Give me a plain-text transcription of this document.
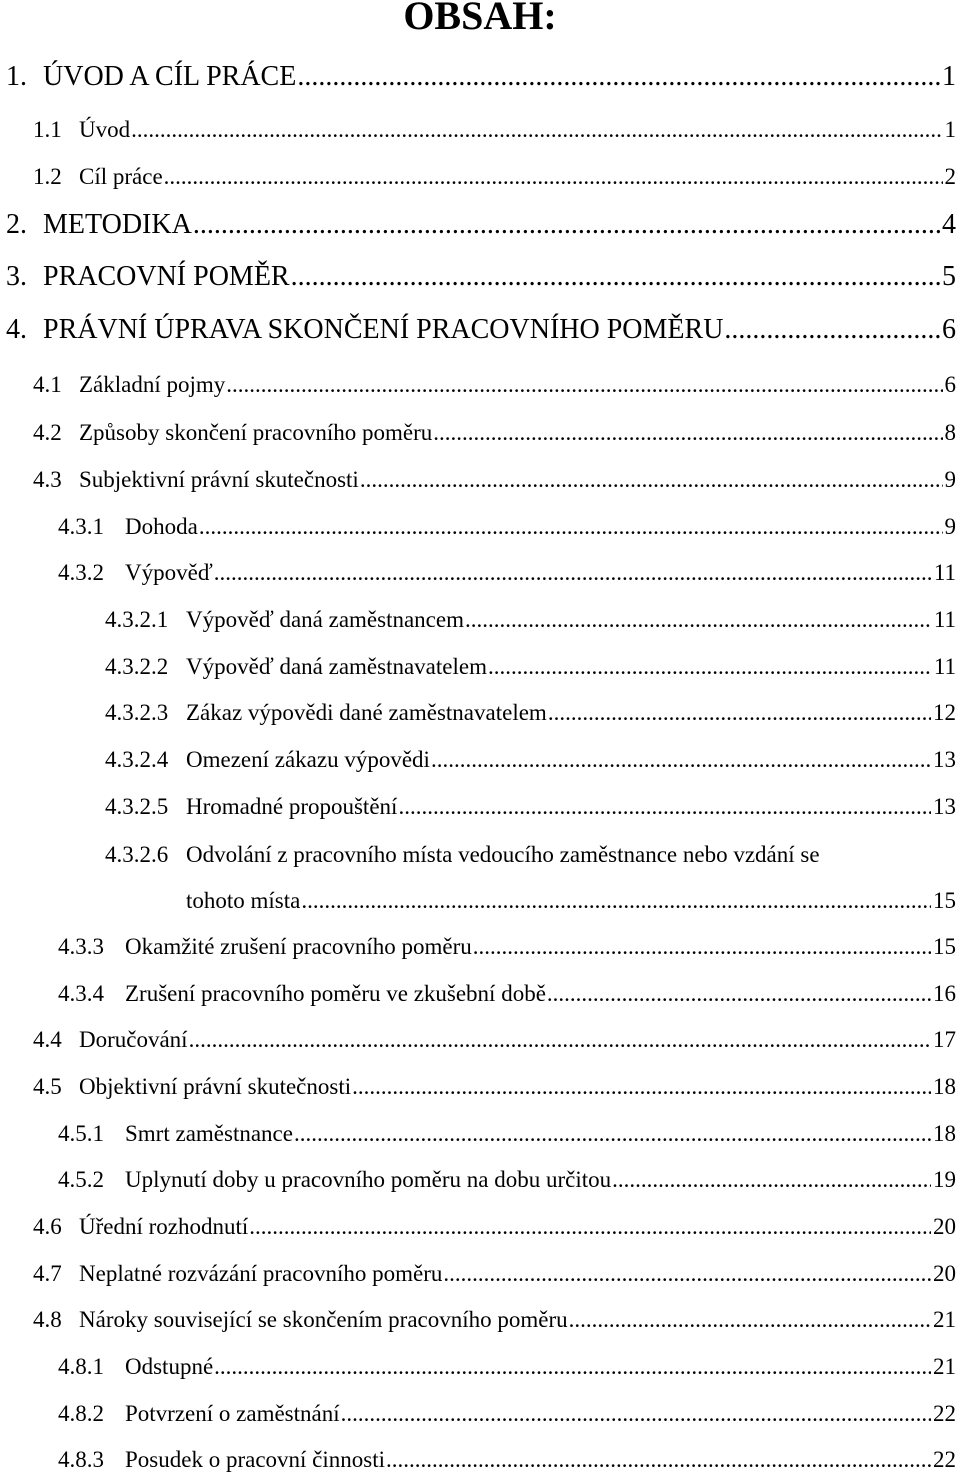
OBSAH:
1. ÚVOD A CÍL PRÁCE .....	1
1.1 Úvod .....	1
1.2 Cíl práce .....	2
2. METODIKA .....	4
3. PRACOVNÍ POMĚR .....	5
4. PRÁVNÍ ÚPRAVA SKONČENÍ PRACOVNÍHO POMĚRU .....	6
4.1 Základní pojmy .....	6
4.2 Způsoby skončení pracovního poměru .....	8
4.3 Subjektivní právní skutečnosti .....	9
4.3.1 Dohoda .....	9
4.3.2 Výpověď .....	11
4.3.2.1 Výpověď daná zaměstnancem .....	11
4.3.2.2 Výpověď daná zaměstnavatelem .....	11
4.3.2.3 Zákaz výpovědi dané zaměstnavatelem .....	12
4.3.2.4 Omezení zákazu výpovědi .....	13
4.3.2.5 Hromadné propouštění .....	13
4.3.2.6 Odvolání z pracovního místa vedoucího zaměstnance nebo vzdání se
tohoto místa .....	15
4.3.3 Okamžité zrušení pracovního poměru .....	15
4.3.4 Zrušení pracovního poměru ve zkušební době .....	16
4.4 Doručování .....	17
4.5 Objektivní právní skutečnosti .....	18
4.5.1 Smrt zaměstnance .....	18
4.5.2 Uplynutí doby u pracovního poměru na dobu určitou .....	19
4.6 Úřední rozhodnutí .....	20
4.7 Neplatné rozvázání pracovního poměru .....	20
4.8 Nároky související se skončením pracovního poměru .....	21
4.8.1 Odstupné .....	21
4.8.2 Potvrzení o zaměstnání .....	22
4.8.3 Posudek o pracovní činnosti .....	22
